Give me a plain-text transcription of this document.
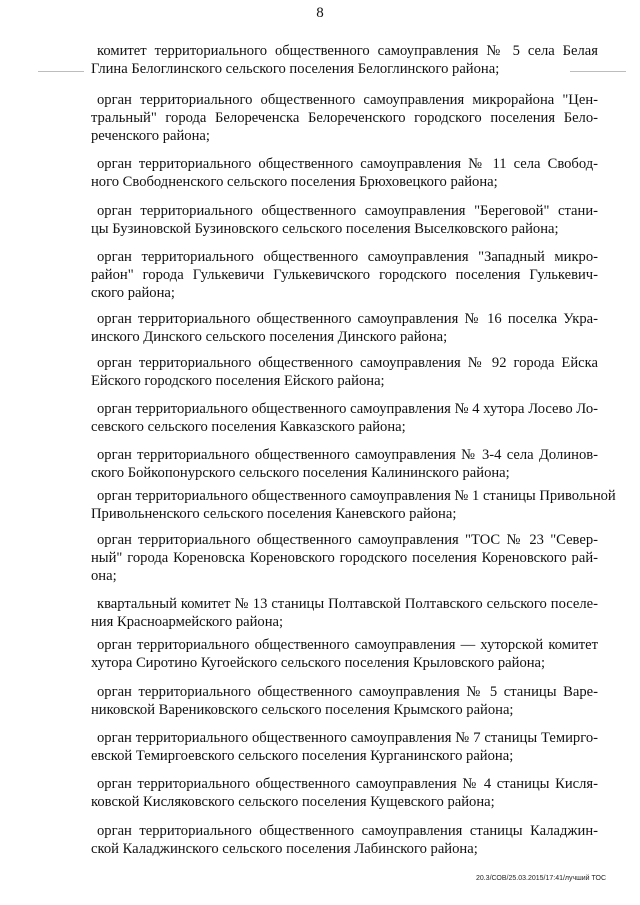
8
комитет территориального общественного самоуправления № 5 села Белая
Глина Белоглинского сельского поселения Белоглинского района;
орган территориального общественного самоуправления микрорайона "Цен-
тральный" города Белореченска Белореченского городского поселения Бело-
реченского района;
орган территориального общественного самоуправления № 11 села Свобод-
ного Свободненского сельского поселения Брюховецкого района;
орган территориального общественного самоуправления "Береговой" стани-
цы Бузиновской Бузиновского сельского поселения Выселковского района;
орган территориального общественного самоуправления "Западный микро-
район" города Гулькевичи Гулькевичского городского поселения Гулькевич-
ского района;
орган территориального общественного самоуправления № 16 поселка Укра-
инского Динского сельского поселения Динского района;
орган территориального общественного самоуправления № 92 города Ейска
Ейского городского поселения Ейского района;
орган территориального общественного самоуправления № 4 хутора Лосево Ло-
севского сельского поселения Кавказского района;
орган территориального общественного самоуправления № 3-4 села Долинов-
ского Бойкопонурского сельского поселения Калининского района;
орган территориального общественного самоуправления № 1 станицы Привольной
Привольненского сельского поселения Каневского района;
орган территориального общественного самоуправления "ТОС № 23 "Север-
ный" города Кореновска Кореновского городского поселения Кореновского рай-
она;
квартальный комитет № 13 станицы Полтавской Полтавского сельского поселе-
ния Красноармейского района;
орган территориального общественного самоуправления — хуторской комитет
хутора Сиротино Кугоейского сельского поселения Крыловского района;
орган территориального общественного самоуправления № 5 станицы Варе-
никовской Варениковского сельского поселения Крымского района;
орган территориального общественного самоуправления № 7 станицы Темирго-
евской Темиргоевского сельского поселения Курганинского района;
орган территориального общественного самоуправления № 4 станицы Кисля-
ковской Кисляковского сельского поселения Кущевского района;
орган территориального общественного самоуправления станицы Каладжин-
ской Каладжинского сельского поселения Лабинского района;
20.3/СОВ/25.03.2015/17:41/лучший ТОС
